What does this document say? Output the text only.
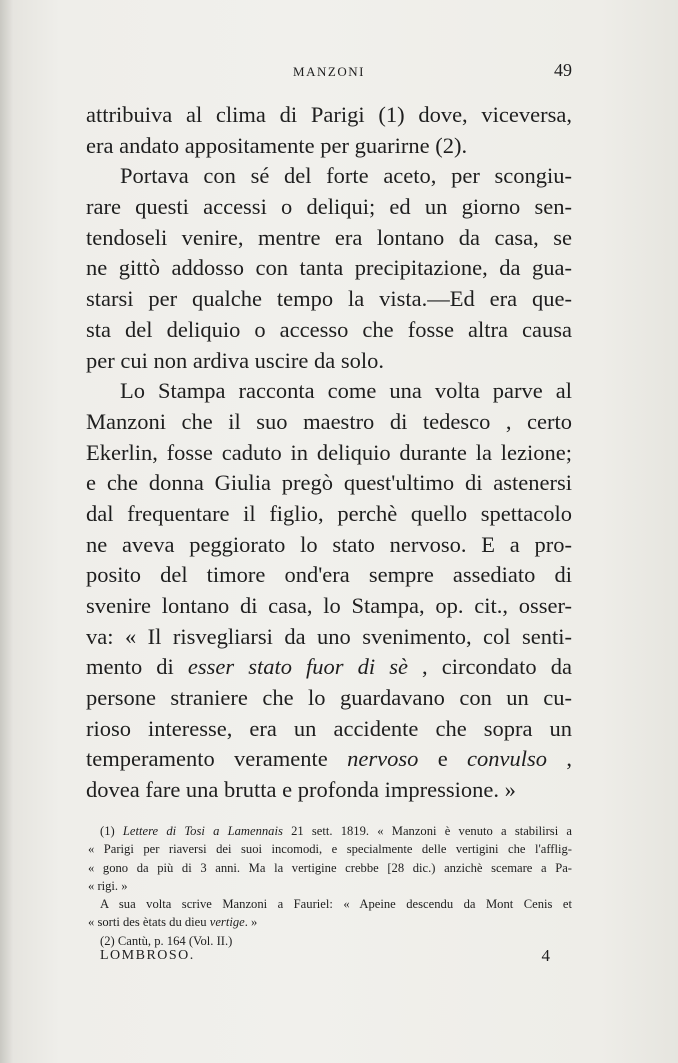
MANZONI	49
attribuiva al clima di Parigi (1) dove, viceversa,
era andato appositamente per guarirne (2).
Portava con sé del forte aceto, per scongiu-
rare questi accessi o deliqui; ed un giorno sen-
tendoseli venire, mentre era lontano da casa, se
ne gittò addosso con tanta precipitazione, da gua-
starsi per qualche tempo la vista.—Ed era que-
sta del deliquio o accesso che fosse altra causa
per cui non ardiva uscire da solo.
Lo Stampa racconta come una volta parve al
Manzoni che il suo maestro di tedesco , certo
Ekerlin, fosse caduto in deliquio durante la lezione;
e che donna Giulia pregò quest'ultimo di astenersi
dal frequentare il figlio, perchè quello spettacolo
ne aveva peggiorato lo stato nervoso. E a pro-
posito del timore ond'era sempre assediato di
svenire lontano di casa, lo Stampa, op. cit., osser-
va: « Il risvegliarsi da uno svenimento, col senti-
mento di esser stato fuor di sè , circondato da
persone straniere che lo guardavano con un cu-
rioso interesse, era un accidente che sopra un
temperamento veramente nervoso e convulso ,
dovea fare una brutta e profonda impressione. »
(1) Lettere di Tosi a Lamennais 21 sett. 1819. « Manzoni è venuto a stabilirsi a
« Parigi per riaversi dei suoi incomodi, e specialmente delle vertigini che l'afflig-
« gono da più di 3 anni. Ma la vertigine crebbe [28 dic.) anzichè scemare a Pa-
« rigi. »
A sua volta scrive Manzoni a Fauriel: « Apeine descendu da Mont Cenis et
« sorti des ètats du dieu vertige. »
(2) Cantù, p. 164 (Vol. II.)
LOMBROSO.	4
